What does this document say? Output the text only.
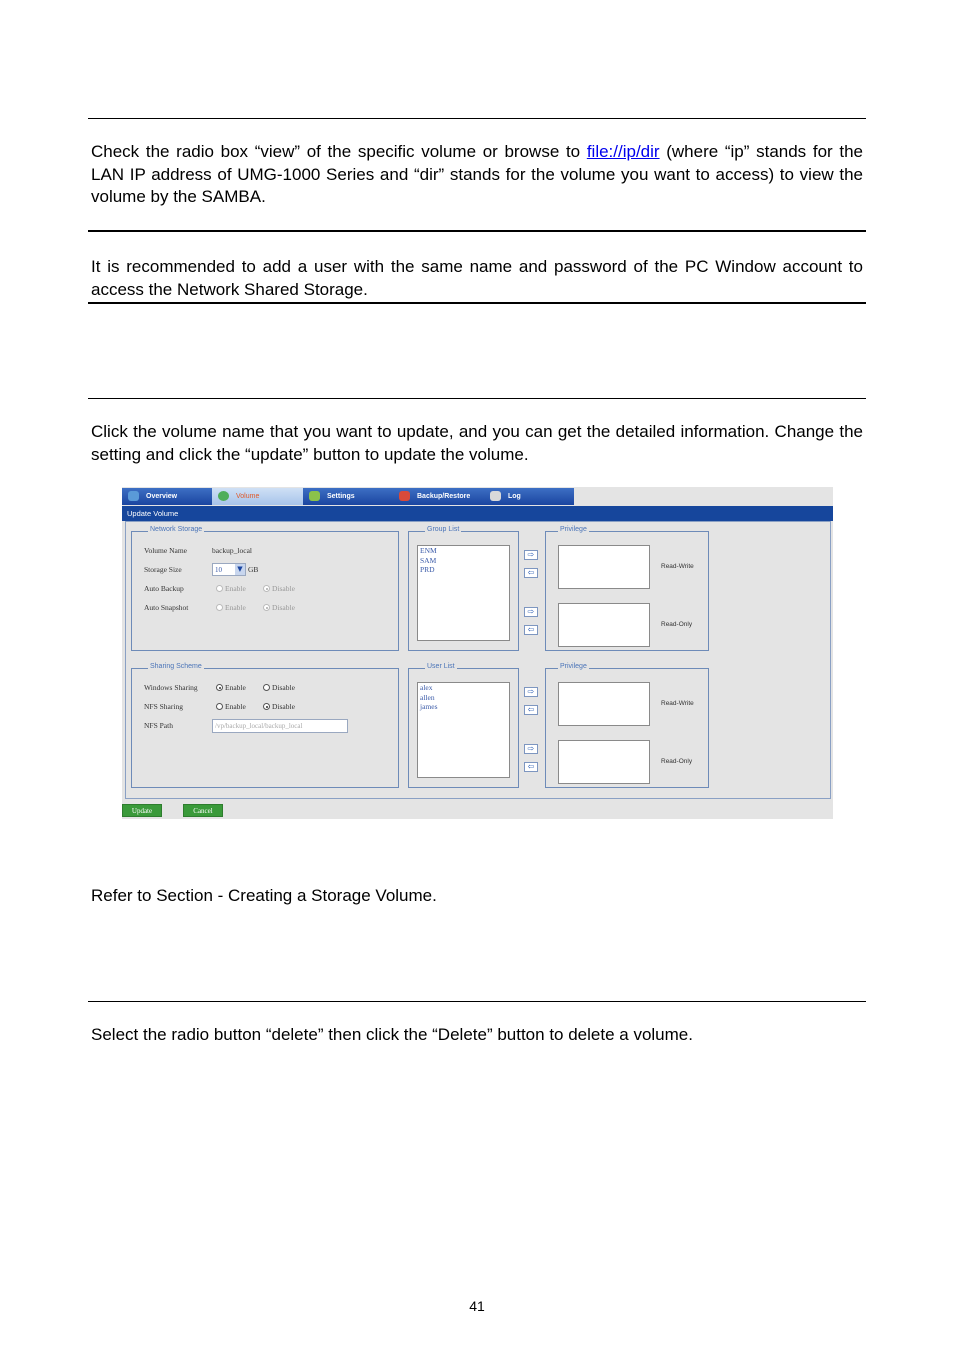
Check the radio box “view” of the specific volume or browse to file://ip/dir (where “ip” stands for the LAN IP address of UMG-1000 Series and “dir” stands for the volume you want to access) to view the volume by the SAMBA.

It is recommended to add a user with the same name and password of the PC Window account to access the Network Shared Storage.

Click the volume name that you want to update, and you can get the detailed information. Change the setting and click the “update” button to update the volume.

Overview	Volume	Settings	Backup/Restore	Log
Update Volume
Network Storage
Volume Name	backup_local
Storage Size	10	▼ GB
Auto Backup	Enable	Disable
Auto Snapshot	Enable	Disable
Group List
ENM
SAM
PRD
⇨
⇦
⇨
⇦
Privilege
Read-Write
Read-Only
Sharing Scheme
Windows Sharing	Enable	Disable
NFS Sharing	Enable	Disable
NFS Path	/vp/backup_local/backup_local
User List
alex
allen
james
⇨
⇦
⇨
⇦
Privilege
Read-Write
Read-Only
Update	Cancel

Refer to Section - Creating a Storage Volume.

Select the radio button “delete” then click the “Delete” button to delete a volume.

41
